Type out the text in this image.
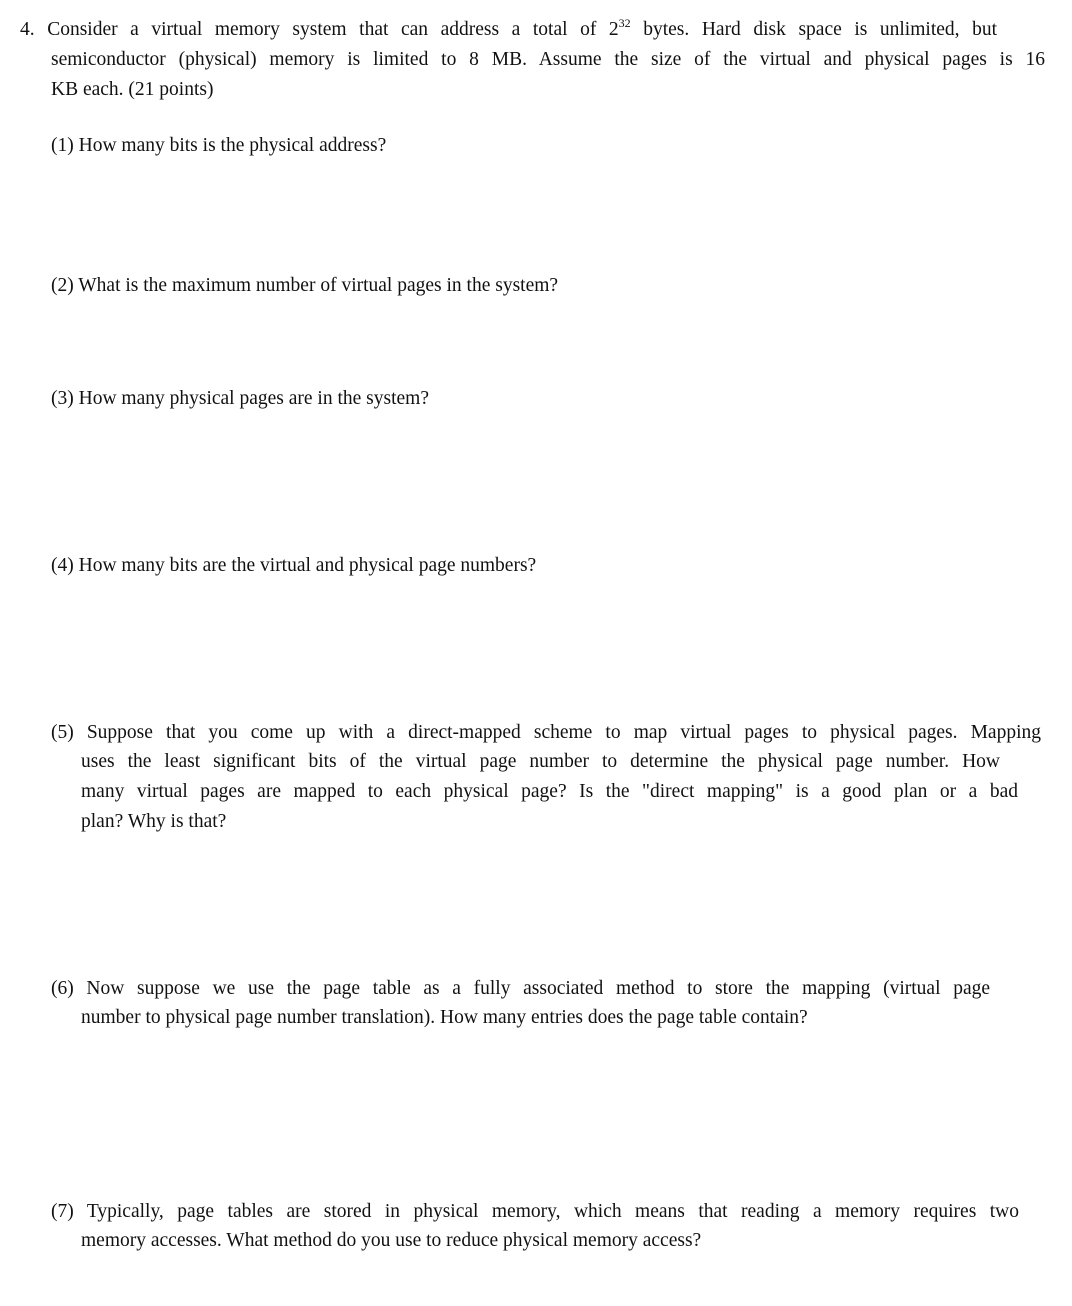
4. Consider a virtual memory system that can address a total of $2^{32}$ bytes. Hard disk space is unlimited, but
semiconductor (physical) memory is limited to 8 MB. Assume the size of the virtual and physical pages is 16
KB each. (21 points)
(1) How many bits is the physical address?
(2) What is the maximum number of virtual pages in the system?
(3) How many physical pages are in the system?
(4) How many bits are the virtual and physical page numbers?
(5) Suppose that you come up with a direct-mapped scheme to map virtual pages to physical pages. Mapping
uses the least significant bits of the virtual page number to determine the physical page number. How
many virtual pages are mapped to each physical page? Is the "direct mapping" is a good plan or a bad
plan? Why is that?
(6) Now suppose we use the page table as a fully associated method to store the mapping (virtual page
number to physical page number translation). How many entries does the page table contain?
(7) Typically, page tables are stored in physical memory, which means that reading a memory requires two
memory accesses. What method do you use to reduce physical memory access?
